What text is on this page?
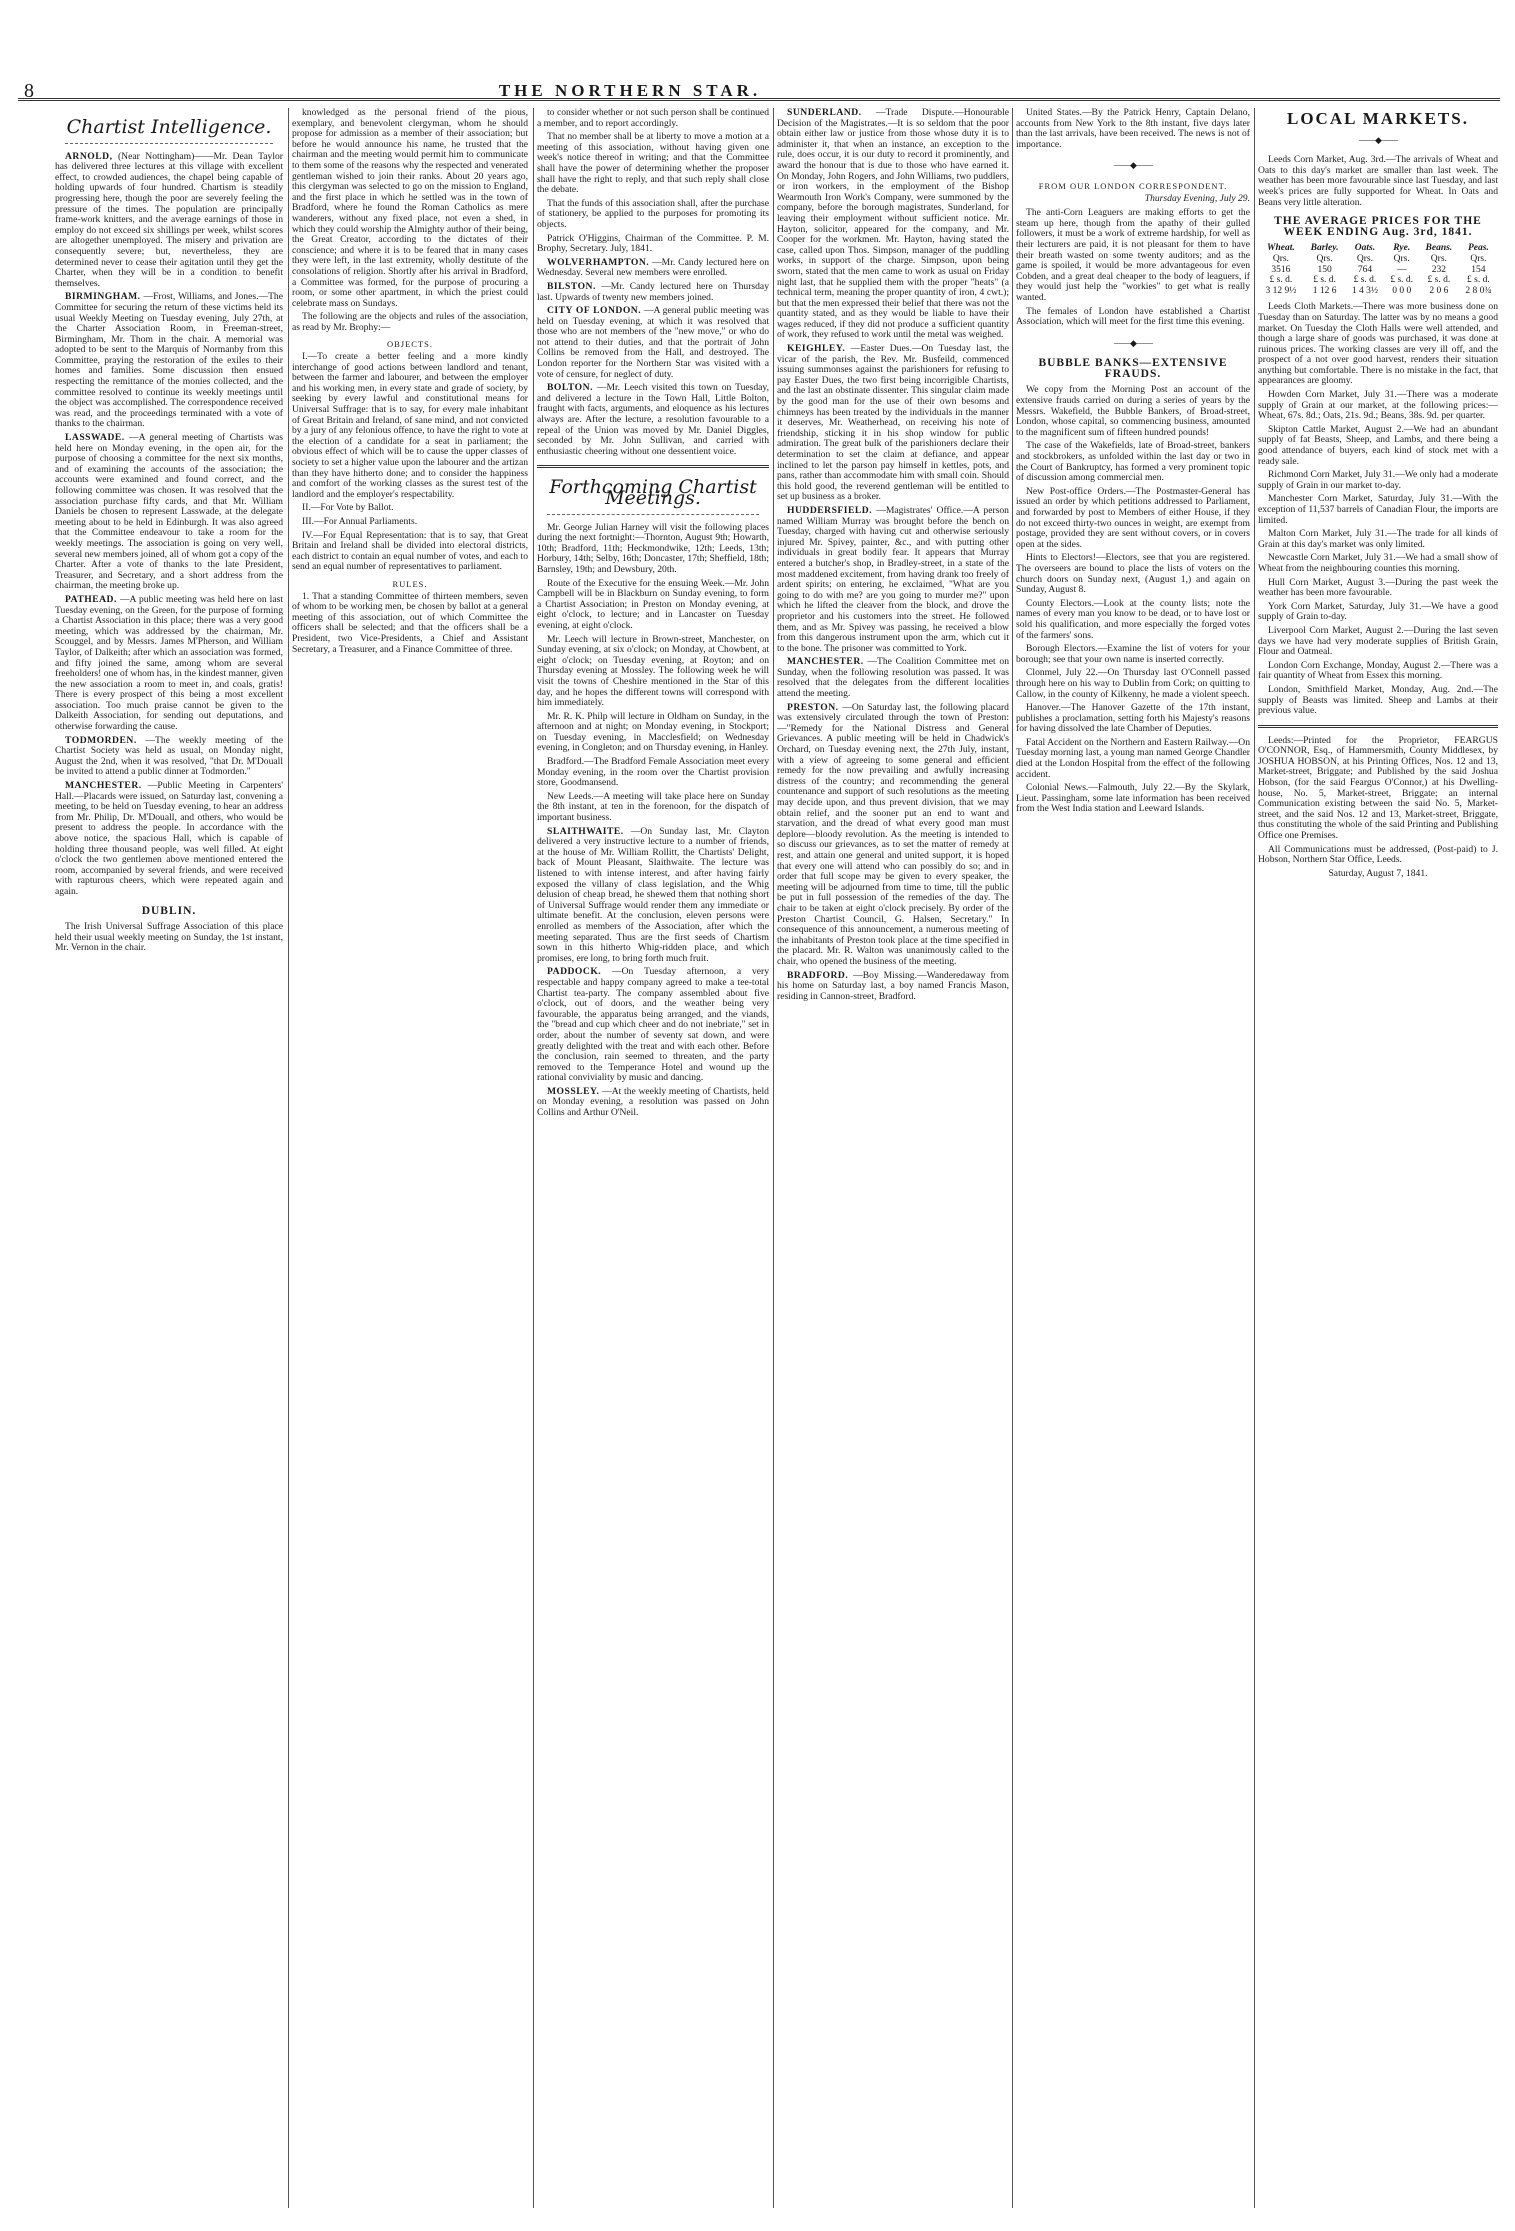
8	THE NORTHERN STAR.
Chartist Intelligence.

ARNOLD, (Near Nottingham)——Mr. Dean Taylor has delivered three lectures at this village with excellent effect, to crowded audiences, the chapel being capable of holding upwards of four hundred. Chartism is steadily progressing here, though the poor are severely feeling the pressure of the times. The population are principally frame-work knitters, and the average earnings of those in employ do not exceed six shillings per week, whilst scores are altogether unemployed. The misery and privation are consequently severe; but, nevertheless, they are determined never to cease their agitation until they get the Charter, when they will be in a condition to benefit themselves.

BIRMINGHAM. —Frost, Williams, and Jones.—The Committee for securing the return of these victims held its usual Weekly Meeting on Tuesday evening, July 27th, at the Charter Association Room, in Freeman-street, Birmingham, Mr. Thom in the chair. A memorial was adopted to be sent to the Marquis of Normanby from this Committee, praying the restoration of the exiles to their homes and families. Some discussion then ensued respecting the remittance of the monies collected, and the committee resolved to continue its weekly meetings until the object was accomplished. The correspondence received was read, and the proceedings terminated with a vote of thanks to the chairman.

LASSWADE. —A general meeting of Chartists was held here on Monday evening, in the open air, for the purpose of choosing a committee for the next six months, and of examining the accounts of the association; the accounts were examined and found correct, and the following committee was chosen. It was resolved that the association purchase fifty cards, and that Mr. William Daniels be chosen to represent Lasswade, at the delegate meeting about to be held in Edinburgh. It was also agreed that the Committee endeavour to take a room for the weekly meetings. The association is going on very well, several new members joined, all of whom got a copy of the Charter. After a vote of thanks to the late President, Treasurer, and Secretary, and a short address from the chairman, the meeting broke up.

PATHEAD. —A public meeting was held here on last Tuesday evening, on the Green, for the purpose of forming a Chartist Association in this place; there was a very good meeting, which was addressed by the chairman, Mr. Scouggel, and by Messrs. James M'Pherson, and William Taylor, of Dalkeith; after which an association was formed, and fifty joined the same, among whom are several freeholders! one of whom has, in the kindest manner, given the new association a room to meet in, and coals, gratis! There is every prospect of this being a most excellent association. Too much praise cannot be given to the Dalkeith Association, for sending out deputations, and otherwise forwarding the cause.

TODMORDEN. —The weekly meeting of the Chartist Society was held as usual, on Monday night, August the 2nd, when it was resolved, "that Dr. M'Douall be invited to attend a public dinner at Todmorden."

MANCHESTER. —Public Meeting in Carpenters' Hall.—Placards were issued, on Saturday last, convening a meeting, to be held on Tuesday evening, to hear an address from Mr. Philip, Dr. M'Douall, and others, who would be present to address the people. In accordance with the above notice, the spacious Hall, which is capable of holding three thousand people, was well filled. At eight o'clock the two gentlemen above mentioned entered the room, accompanied by several friends, and were received with rapturous cheers, which were repeated again and again.

DUBLIN.

The Irish Universal Suffrage Association of this place held their usual weekly meeting on Sunday, the 1st instant, Mr. Vernon in the chair.

knowledged as the personal friend of the pious, exemplary, and benevolent clergyman, whom he should propose for admission as a member of their association; but before he would announce his name, he trusted that the chairman and the meeting would permit him to communicate to them some of the reasons why the respected and venerated gentleman wished to join their ranks. About 20 years ago, this clergyman was selected to go on the mission to England, and the first place in which he settled was in the town of Bradford, where he found the Roman Catholics as mere wanderers, without any fixed place, not even a shed, in which they could worship the Almighty author of their being, the Great Creator, according to the dictates of their conscience; and where it is to be feared that in many cases they were left, in the last extremity, wholly destitute of the consolations of religion. Shortly after his arrival in Bradford, a Committee was formed, for the purpose of procuring a room, or some other apartment, in which the priest could celebrate mass on Sundays.

The following are the objects and rules of the association, as read by Mr. Brophy:—

OBJECTS.

I.—To create a better feeling and a more kindly interchange of good actions between landlord and tenant, between the farmer and labourer, and between the employer and his working men, in every state and grade of society, by seeking by every lawful and constitutional means for Universal Suffrage: that is to say, for every male inhabitant of Great Britain and Ireland, of sane mind, and not convicted by a jury of any felonious offence, to have the right to vote at the election of a candidate for a seat in parliament; the obvious effect of which will be to cause the upper classes of society to set a higher value upon the labourer and the artizan than they have hitherto done; and to consider the happiness and comfort of the working classes as the surest test of the landlord and the employer's respectability.

II.—For Vote by Ballot.

III.—For Annual Parliaments.

IV.—For Equal Representation: that is to say, that Great Britain and Ireland shall be divided into electoral districts, each district to contain an equal number of votes, and each to send an equal number of representatives to parliament.

RULES.

1. That a standing Committee of thirteen members, seven of whom to be working men, be chosen by ballot at a general meeting of this association, out of which Committee the officers shall be selected; and that the officers shall be a President, two Vice-Presidents, a Chief and Assistant Secretary, a Treasurer, and a Finance Committee of three.

to consider whether or not such person shall be continued a member, and to report accordingly.

That no member shall be at liberty to move a motion at a meeting of this association, without having given one week's notice thereof in writing; and that the Committee shall have the power of determining whether the proposer shall have the right to reply, and that such reply shall close the debate.

That the funds of this association shall, after the purchase of stationery, be applied to the purposes for promoting its objects.

Patrick O'Higgins, Chairman of the Committee. P. M. Brophy, Secretary. July, 1841.

WOLVERHAMPTON. —Mr. Candy lectured here on Wednesday. Several new members were enrolled.

BILSTON. —Mr. Candy lectured here on Thursday last. Upwards of twenty new members joined.

CITY OF LONDON. —A general public meeting was held on Tuesday evening, at which it was resolved that those who are not members of the "new move," or who do not attend to their duties, and that the portrait of John Collins be removed from the Hall, and destroyed. The London reporter for the Northern Star was visited with a vote of censure, for neglect of duty.

BOLTON. —Mr. Leech visited this town on Tuesday, and delivered a lecture in the Town Hall, Little Bolton, fraught with facts, arguments, and eloquence as his lectures always are. After the lecture, a resolution favourable to a repeal of the Union was moved by Mr. Daniel Diggles, seconded by Mr. John Sullivan, and carried with enthusiastic cheering without one dessentient voice.

Forthcoming Chartist Meetings.

Mr. George Julian Harney will visit the following places during the next fortnight:—Thornton, August 9th; Howarth, 10th; Bradford, 11th; Heckmondwike, 12th; Leeds, 13th; Horbury, 14th; Selby, 16th; Doncaster, 17th; Sheffield, 18th; Barnsley, 19th; and Dewsbury, 20th.

Route of the Executive for the ensuing Week.—Mr. John Campbell will be in Blackburn on Sunday evening, to form a Chartist Association; in Preston on Monday evening, at eight o'clock, to lecture; and in Lancaster on Tuesday evening, at eight o'clock.

Mr. Leech will lecture in Brown-street, Manchester, on Sunday evening, at six o'clock; on Monday, at Chowbent, at eight o'clock; on Tuesday evening, at Royton; and on Thursday evening at Mossley. The following week he will visit the towns of Cheshire mentioned in the Star of this day, and he hopes the different towns will correspond with him immediately.

Mr. R. K. Philp will lecture in Oldham on Sunday, in the afternoon and at night; on Monday evening, in Stockport; on Tuesday evening, in Macclesfield; on Wednesday evening, in Congleton; and on Thursday evening, in Hanley.

Bradford.—The Bradford Female Association meet every Monday evening, in the room over the Chartist provision store, Goodmansend.

New Leeds.—A meeting will take place here on Sunday the 8th instant, at ten in the forenoon, for the dispatch of important business.

SLAITHWAITE. —On Sunday last, Mr. Clayton delivered a very instructive lecture to a number of friends, at the house of Mr. William Rollitt, the Chartists' Delight, back of Mount Pleasant, Slaithwaite. The lecture was listened to with intense interest, and after having fairly exposed the villany of class legislation, and the Whig delusion of cheap bread, he shewed them that nothing short of Universal Suffrage would render them any immediate or ultimate benefit. At the conclusion, eleven persons were enrolled as members of the Association, after which the meeting separated. Thus are the first seeds of Chartism sown in this hitherto Whig-ridden place, and which promises, ere long, to bring forth much fruit.

PADDOCK. —On Tuesday afternoon, a very respectable and happy company agreed to make a tee-total Chartist tea-party. The company assembled about five o'clock, out of doors, and the weather being very favourable, the apparatus being arranged, and the viands, the "bread and cup which cheer and do not inebriate," set in order, about the number of seventy sat down, and were greatly delighted with the treat and with each other. Before the conclusion, rain seemed to threaten, and the party removed to the Temperance Hotel and wound up the rational conviviality by music and dancing.

MOSSLEY. —At the weekly meeting of Chartists, held on Monday evening, a resolution was passed on John Collins and Arthur O'Neil.

SUNDERLAND. —Trade Dispute.—Honourable Decision of the Magistrates.—It is so seldom that the poor obtain either law or justice from those whose duty it is to administer it, that when an instance, an exception to the rule, does occur, it is our duty to record it prominently, and award the honour that is due to those who have earned it. On Monday, John Rogers, and John Williams, two puddlers, or iron workers, in the employment of the Bishop Wearmouth Iron Work's Company, were summoned by the company, before the borough magistrates, Sunderland, for leaving their employment without sufficient notice. Mr. Hayton, solicitor, appeared for the company, and Mr. Cooper for the workmen. Mr. Hayton, having stated the case, called upon Thos. Simpson, manager of the puddling works, in support of the charge. Simpson, upon being sworn, stated that the men came to work as usual on Friday night last, that he supplied them with the proper "heats" (a technical term, meaning the proper quantity of iron, 4 cwt.); but that the men expressed their belief that there was not the quantity stated, and as they would be liable to have their wages reduced, if they did not produce a sufficient quantity of work, they refused to work until the metal was weighed.

KEIGHLEY. —Easter Dues.—On Tuesday last, the vicar of the parish, the Rev. Mr. Busfeild, commenced issuing summonses against the parishioners for refusing to pay Easter Dues, the two first being incorrigible Chartists, and the last an obstinate dissenter. This singular claim made by the good man for the use of their own besoms and chimneys has been treated by the individuals in the manner it deserves, Mr. Weatherhead, on receiving his note of friendship, sticking it in his shop window for public admiration. The great bulk of the parishioners declare their determination to set the claim at defiance, and appear inclined to let the parson pay himself in kettles, pots, and pans, rather than accommodate him with small coin. Should this hold good, the reverend gentleman will be entitled to set up business as a broker.

HUDDERSFIELD. —Magistrates' Office.—A person named William Murray was brought before the bench on Tuesday, charged with having cut and otherwise seriously injured Mr. Spivey, painter, &c., and with putting other individuals in great bodily fear. It appears that Murray entered a butcher's shop, in Bradley-street, in a state of the most maddened excitement, from having drank too freely of ardent spirits; on entering, he exclaimed, "What are you going to do with me? are you going to murder me?" upon which he lifted the cleaver from the block, and drove the proprietor and his customers into the street. He followed them, and as Mr. Spivey was passing, he received a blow from this dangerous instrument upon the arm, which cut it to the bone. The prisoner was committed to York.

MANCHESTER. —The Coalition Committee met on Sunday, when the following resolution was passed. It was resolved that the delegates from the different localities attend the meeting.

PRESTON. —On Saturday last, the following placard was extensively circulated through the town of Preston:—"Remedy for the National Distress and General Grievances. A public meeting will be held in Chadwick's Orchard, on Tuesday evening next, the 27th July, instant, with a view of agreeing to some general and efficient remedy for the now prevailing and awfully increasing distress of the country; and recommending the general countenance and support of such resolutions as the meeting may decide upon, and thus prevent division, that we may obtain relief, and the sooner put an end to want and starvation, and the dread of what every good man must deplore—bloody revolution. As the meeting is intended to so discuss our grievances, as to set the matter of remedy at rest, and attain one general and united support, it is hoped that every one will attend who can possibly do so; and in order that full scope may be given to every speaker, the meeting will be adjourned from time to time, till the public be put in full possession of the remedies of the day. The chair to be taken at eight o'clock precisely. By order of the Preston Chartist Council, G. Halsen, Secretary." In consequence of this announcement, a numerous meeting of the inhabitants of Preston took place at the time specified in the placard. Mr. R. Walton was unanimously called to the chair, who opened the business of the meeting.

BRADFORD. —Boy Missing.—Wanderedaway from his home on Saturday last, a boy named Francis Mason, residing in Cannon-street, Bradford.

United States.—By the Patrick Henry, Captain Delano, accounts from New York to the 8th instant, five days later than the last arrivals, have been received. The news is not of importance.

——◆——
FROM OUR LONDON CORRESPONDENT.
Thursday Evening, July 29.

The anti-Corn Leaguers are making efforts to get the steam up here, though from the apathy of their gulled followers, it must be a work of extreme hardship, for well as their lecturers are paid, it is not pleasant for them to have their breath wasted on some twenty auditors; and as the game is spoiled, it would be more advantageous for even Cobden, and a great deal cheaper to the body of leaguers, if they would just help the "workies" to get what is really wanted.

The females of London have established a Chartist Association, which will meet for the first time this evening.

——◆——
BUBBLE BANKS—EXTENSIVE FRAUDS.

We copy from the Morning Post an account of the extensive frauds carried on during a series of years by the Messrs. Wakefield, the Bubble Bankers, of Broad-street, London, whose capital, so commencing business, amounted to the magnificent sum of fifteen hundred pounds!

The case of the Wakefields, late of Broad-street, bankers and stockbrokers, as unfolded within the last day or two in the Court of Bankruptcy, has formed a very prominent topic of discussion among commercial men.

New Post-office Orders.—The Postmaster-General has issued an order by which petitions addressed to Parliament, and forwarded by post to Members of either House, if they do not exceed thirty-two ounces in weight, are exempt from postage, provided they are sent without covers, or in covers open at the sides.

Hints to Electors!—Electors, see that you are registered. The overseers are bound to place the lists of voters on the church doors on Sunday next, (August 1,) and again on Sunday, August 8.

County Electors.—Look at the county lists; note the names of every man you know to be dead, or to have lost or sold his qualification, and more especially the forged votes of the farmers' sons.

Borough Electors.—Examine the list of voters for your borough; see that your own name is inserted correctly.

Clonmel, July 22.—On Thursday last O'Connell passed through here on his way to Dublin from Cork; on quitting to Callow, in the county of Kilkenny, he made a violent speech.

Hanover.—The Hanover Gazette of the 17th instant, publishes a proclamation, setting forth his Majesty's reasons for having dissolved the late Chamber of Deputies.

Fatal Accident on the Northern and Eastern Railway.—On Tuesday morning last, a young man named George Chandler died at the London Hospital from the effect of the following accident.

Colonial News.—Falmouth, July 22.—By the Skylark, Lieut. Passingham, some late information has been received from the West India station and Leeward Islands.

LOCAL MARKETS.
——◆——

Leeds Corn Market, Aug. 3rd.—The arrivals of Wheat and Oats to this day's market are smaller than last week. The weather has been more favourable since last Tuesday, and last week's prices are fully supported for Wheat. In Oats and Beans very little alteration.

THE AVERAGE PRICES FOR THE WEEK ENDING Aug. 3rd, 1841.
Wheat.	Barley.	Oats.	Rye.	Beans.	Peas.
Qrs.	Qrs.	Qrs.	Qrs.	Qrs.	Qrs.
3516	150	764	—	232	154
£ s. d.	£ s. d.	£ s. d.	£ s. d.	£ s. d.	£ s. d.
3 12 9½	1 12 6	1 4 3½	0 0 0	2 0 6	2 8 0¾

Leeds Cloth Markets.—There was more business done on Tuesday than on Saturday. The latter was by no means a good market. On Tuesday the Cloth Halls were well attended, and though a large share of goods was purchased, it was done at ruinous prices. The working classes are very ill off, and the prospect of a not over good harvest, renders their situation anything but comfortable. There is no mistake in the fact, that appearances are gloomy.

Howden Corn Market, July 31.—There was a moderate supply of Grain at our market, at the following prices:—Wheat, 67s. 8d.; Oats, 21s. 9d.; Beans, 38s. 9d. per quarter.

Skipton Cattle Market, August 2.—We had an abundant supply of fat Beasts, Sheep, and Lambs, and there being a good attendance of buyers, each kind of stock met with a ready sale.

Richmond Corn Market, July 31.—We only had a moderate supply of Grain in our market to-day.

Manchester Corn Market, Saturday, July 31.—With the exception of 11,537 barrels of Canadian Flour, the imports are limited.

Malton Corn Market, July 31.—The trade for all kinds of Grain at this day's market was only limited.

Newcastle Corn Market, July 31.—We had a small show of Wheat from the neighbouring counties this morning.

Hull Corn Market, August 3.—During the past week the weather has been more favourable.

York Corn Market, Saturday, July 31.—We have a good supply of Grain to-day.

Liverpool Corn Market, August 2.—During the last seven days we have had very moderate supplies of British Grain, Flour and Oatmeal.

London Corn Exchange, Monday, August 2.—There was a fair quantity of Wheat from Essex this morning.

London, Smithfield Market, Monday, Aug. 2nd.—The supply of Beasts was limited. Sheep and Lambs at their previous value.

Leeds:—Printed for the Proprietor, FEARGUS O'CONNOR, Esq., of Hammersmith, County Middlesex, by JOSHUA HOBSON, at his Printing Offices, Nos. 12 and 13, Market-street, Briggate; and Published by the said Joshua Hobson, (for the said Feargus O'Connor,) at his Dwelling-house, No. 5, Market-street, Briggate; an internal Communication existing between the said No. 5, Market-street, and the said Nos. 12 and 13, Market-street, Briggate, thus constituting the whole of the said Printing and Publishing Office one Premises.

All Communications must be addressed, (Post-paid) to J. Hobson, Northern Star Office, Leeds.

Saturday, August 7, 1841.
